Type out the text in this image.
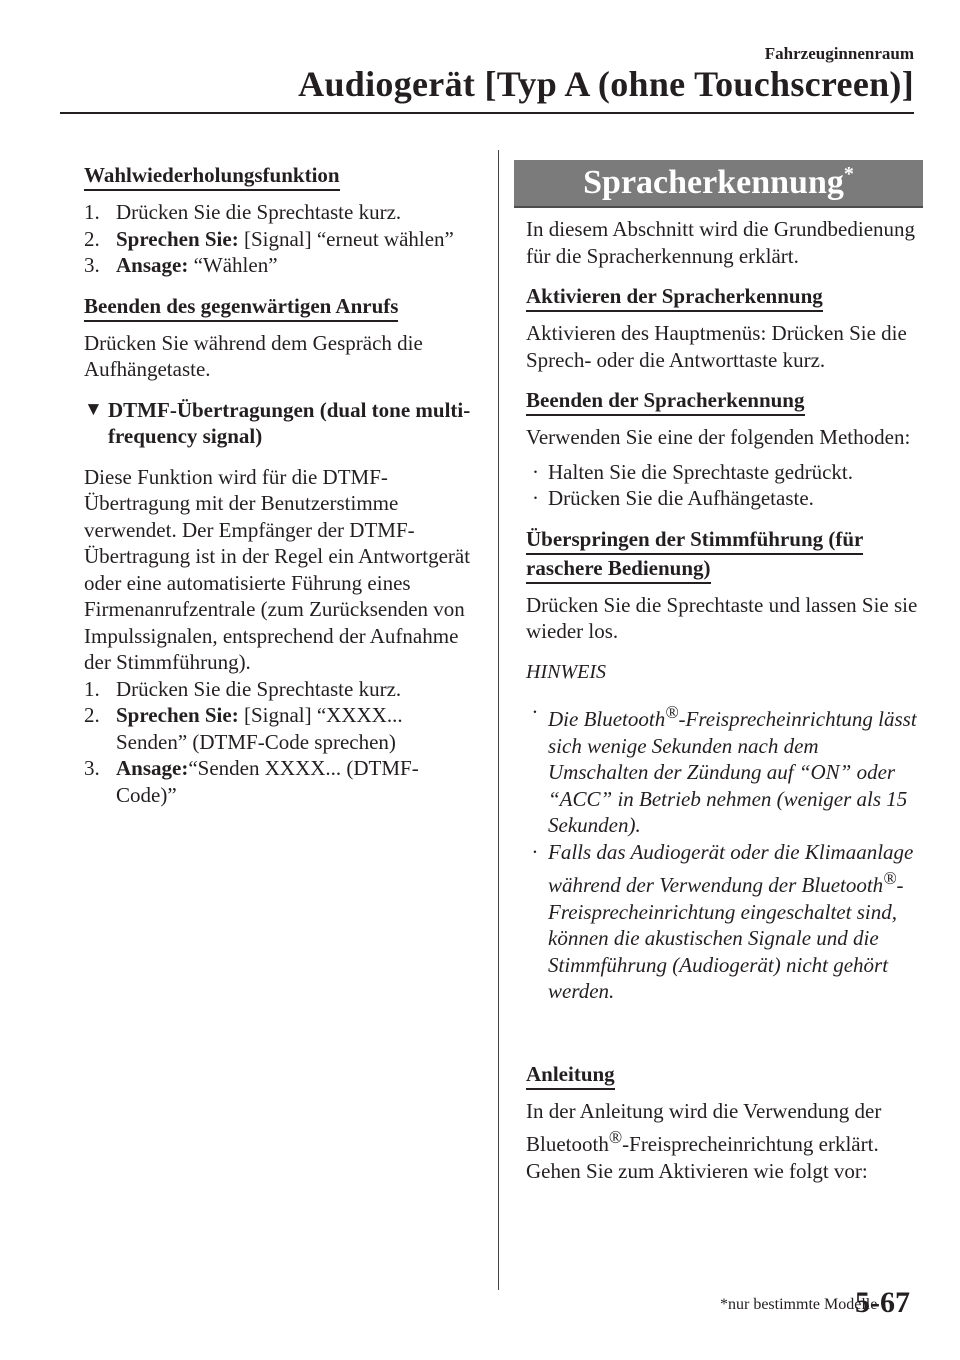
Fahrzeuginnenraum
Audiogerät [Typ A (ohne Touchscreen)]
Wahlwiederholungsfunktion
1. Drücken Sie die Sprechtaste kurz.
2. Sprechen Sie: [Signal] “erneut wählen”
3. Ansage: “Wählen”
Beenden des gegenwärtigen Anrufs

Drücken Sie während dem Gespräch die Aufhängetaste.

▼ DTMF-Übertragungen (dual tone multi-frequency signal)

Diese Funktion wird für die DTMF-Übertragung mit der Benutzerstimme verwendet. Der Empfänger der DTMF-Übertragung ist in der Regel ein Antwortgerät oder eine automatisierte Führung eines Firmenanrufzentrale (zum Zurücksenden von Impulssignalen, entsprechend der Aufnahme der Stimmführung).

1. Drücken Sie die Sprechtaste kurz.
2. Sprechen Sie: [Signal] “XXXX... Senden” (DTMF-Code sprechen)
3. Ansage:“Senden XXXX... (DTMF-Code)”
Spracherkennung*

In diesem Abschnitt wird die Grundbedienung für die Spracherkennung erklärt.

Aktivieren der Spracherkennung

Aktivieren des Hauptmenüs: Drücken Sie die Sprech- oder die Antworttaste kurz.

Beenden der Spracherkennung

Verwenden Sie eine der folgenden Methoden:

· Halten Sie die Sprechtaste gedrückt.
· Drücken Sie die Aufhängetaste.
Überspringen der Stimmführung (für
raschere Bedienung)

Drücken Sie die Sprechtaste und lassen Sie sie wieder los.

HINWEIS
· Die Bluetooth®-Freisprecheinrichtung lässt sich wenige Sekunden nach dem Umschalten der Zündung auf “ON” oder “ACC” in Betrieb nehmen (weniger als 15 Sekunden).
· Falls das Audiogerät oder die Klimaanlage während der Verwendung der Bluetooth®-Freisprecheinrichtung eingeschaltet sind, können die akustischen Signale und die Stimmführung (Audiogerät) nicht gehört werden.
Anleitung

In der Anleitung wird die Verwendung der Bluetooth®-Freisprecheinrichtung erklärt. Gehen Sie zum Aktivieren wie folgt vor:

*nur bestimmte Modelle
5-67
